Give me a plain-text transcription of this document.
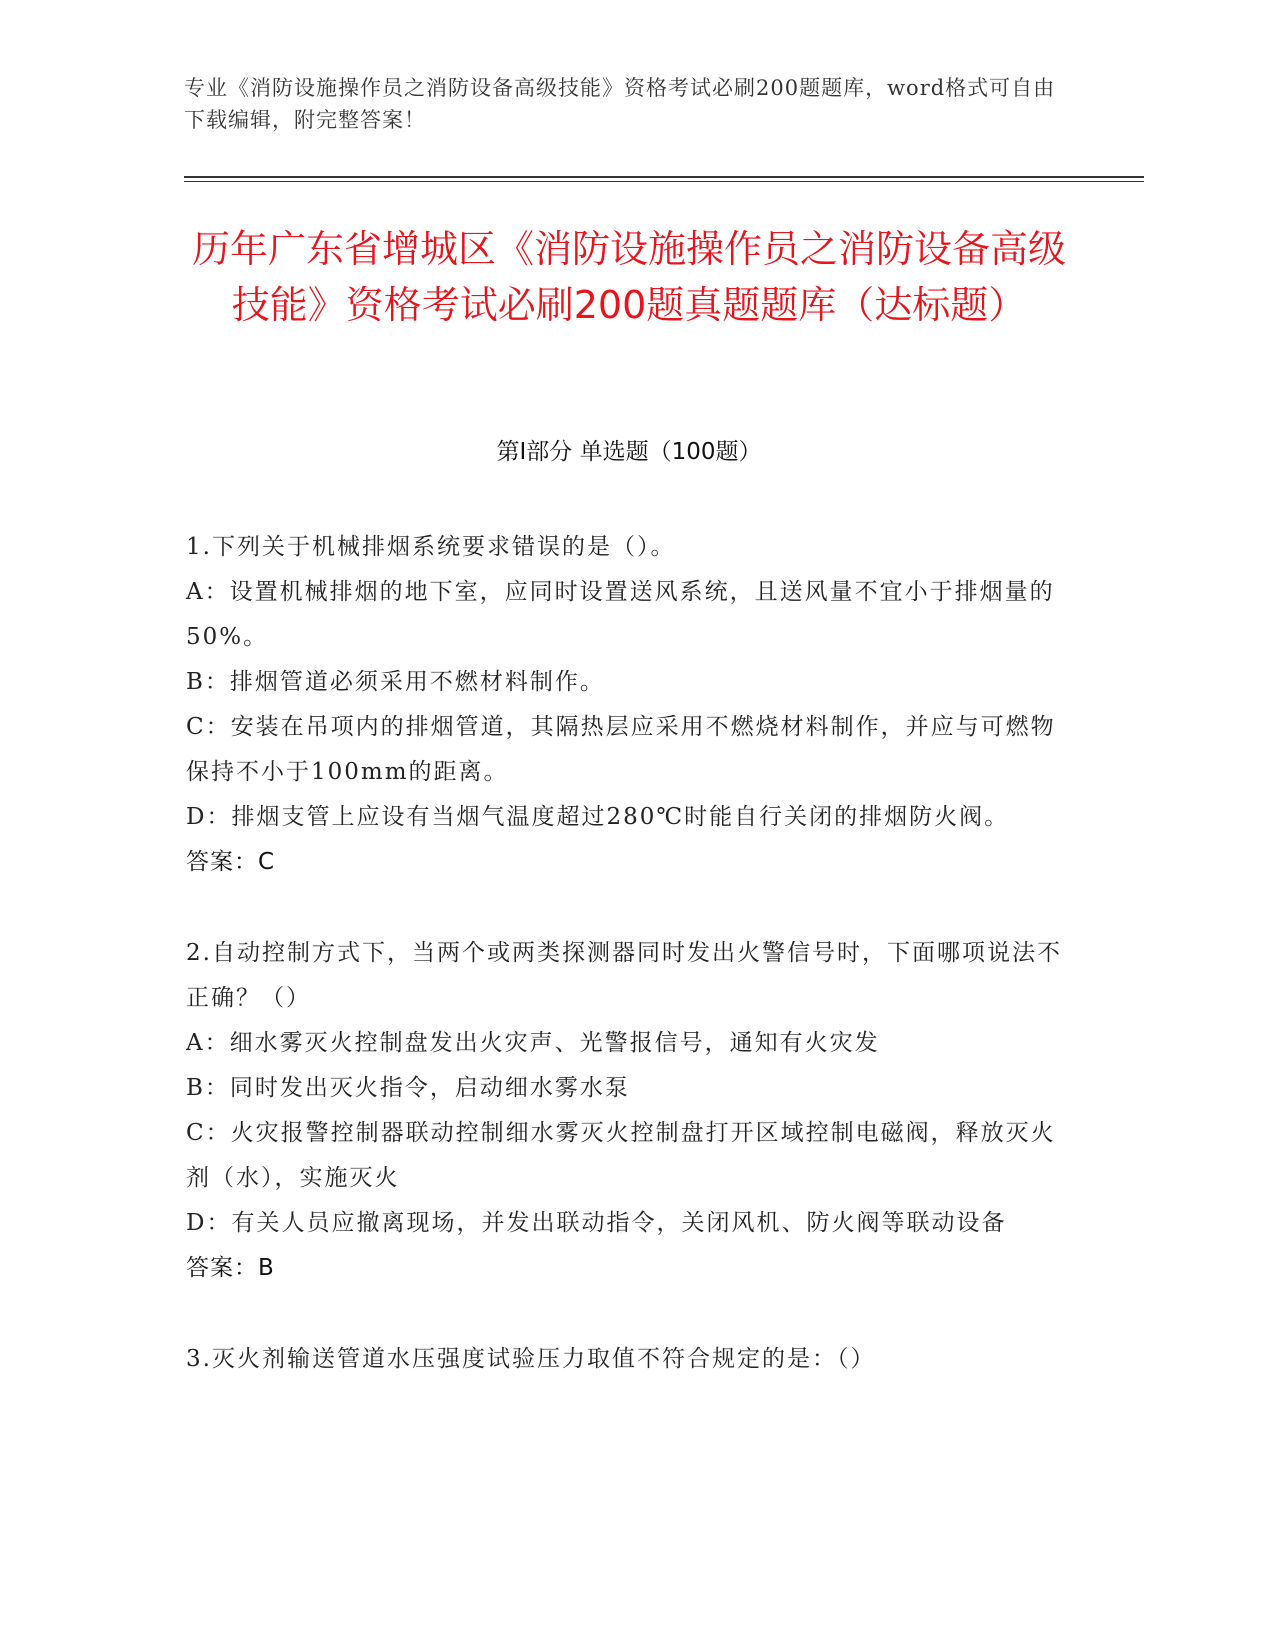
专业《消防设施操作员之消防设备高级技能》资格考试必刷200题题库，word格式可自由下载编辑，附完整答案！
历年广东省增城区《消防设施操作员之消防设备高级技能》资格考试必刷200题真题题库（达标题）
第Ⅰ部分 单选题（100题）

1.下列关于机械排烟系统要求错误的是（）。

A：设置机械排烟的地下室，应同时设置送风系统，且送风量不宜小于排烟量的50%。

B：排烟管道必须采用不燃材料制作。

C：安装在吊项内的排烟管道，其隔热层应采用不燃烧材料制作，并应与可燃物保持不小于100mm的距离。

D：排烟支管上应设有当烟气温度超过280℃时能自行关闭的排烟防火阀。

答案：C

2.自动控制方式下，当两个或两类探测器同时发出火警信号时，下面哪项说法不正确？（）

A：细水雾灭火控制盘发出火灾声、光警报信号，通知有火灾发

B：同时发出灭火指令，启动细水雾水泵

C：火灾报警控制器联动控制细水雾灭火控制盘打开区域控制电磁阀，释放灭火剂（水），实施灭火

D：有关人员应撤离现场，并发出联动指令，关闭风机、防火阀等联动设备

答案：B

3.灭火剂输送管道水压强度试验压力取值不符合规定的是：（）
